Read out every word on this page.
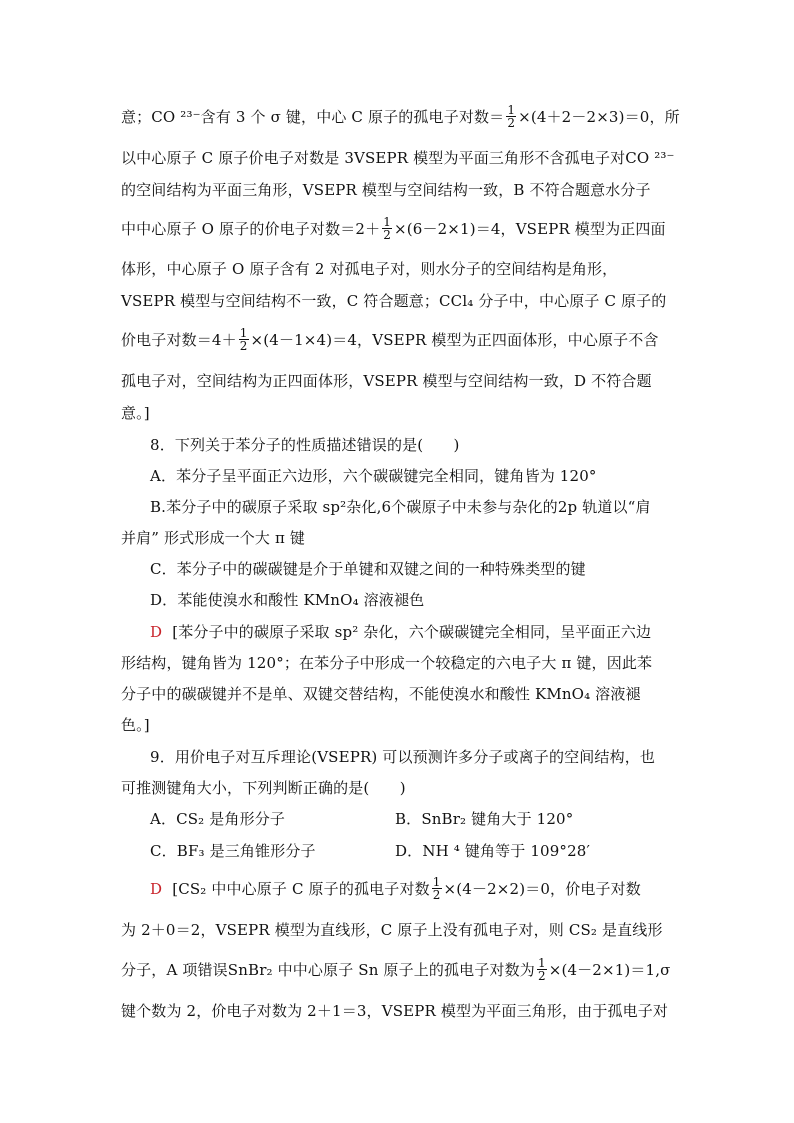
意；CO ²³⁻含有 3 个 σ 键，中心 C 原子的孤电子对数＝ $\frac{1}{2} \times(4+2-2\times 3)=0$，所
以中心原子 C 原子价电子对数是 3VSEPR 模型为平面三角形不含孤电子对CO ²³⁻
的空间结构为平面三角形，VSEPR 模型与空间结构一致，B 不符合题意水分子
中中心原子 O 原子的价电子对数$=2+ \frac{1}{2} \times(6-2\times 1)=4$，VSEPR 模型为正四面
体形，中心原子 O 原子含有 2 对孤电子对，则水分子的空间结构是角形，
VSEPR 模型与空间结构不一致，C 符合题意；CCl₄ 分子中，中心原子 C 原子的
价电子对数$=4+ \frac{1}{2} \times(4-1\times 4)=4$，VSEPR 模型为正四面体形，中心原子不含
孤电子对，空间结构为正四面体形，VSEPR 模型与空间结构一致，D 不符合题
意。]
8．下列关于苯分子的性质描述错误的是(　　)
A．苯分子呈平面正六边形，六个碳碳键完全相同，键角皆为 120°
B.苯分子中的碳原子采取 sp²杂化,6个碳原子中未参与杂化的2p 轨道以“肩
并肩” 形式形成一个大 π 键
C．苯分子中的碳碳键是介于单键和双键之间的一种特殊类型的键
D．苯能使溴水和酸性 KMnO₄ 溶液褪色
D [苯分子中的碳原子采取 sp² 杂化，六个碳碳键完全相同，呈平面正六边
形结构，键角皆为 120°；在苯分子中形成一个较稳定的六电子大 π 键，因此苯
分子中的碳碳键并不是单、双键交替结构，不能使溴水和酸性 KMnO₄ 溶液褪
色。]
9．用价电子对互斥理论(VSEPR) 可以预测许多分子或离子的空间结构，也
可推测键角大小，下列判断正确的是(　　)
A．CS₂ 是角形分子	B．SnBr₂ 键角大于 120°
C．BF₃ 是三角锥形分子	D．NH ⁴ 键角等于 109°28′
D [CS₂ 中中心原子 C 原子的孤电子对数 $\frac{1}{2} \times(4-2\times 2)=0$，价电子对数
为 2＋0＝2，VSEPR 模型为直线形，C 原子上没有孤电子对，则 CS₂ 是直线形
分子，A 项错误SnBr₂ 中中心原子 Sn 原子上的孤电子对数为 $\frac{1}{2} \times(4-2\times 1)=1,\sigma$
键个数为 2，价电子对数为 2＋1＝3，VSEPR 模型为平面三角形，由于孤电子对
